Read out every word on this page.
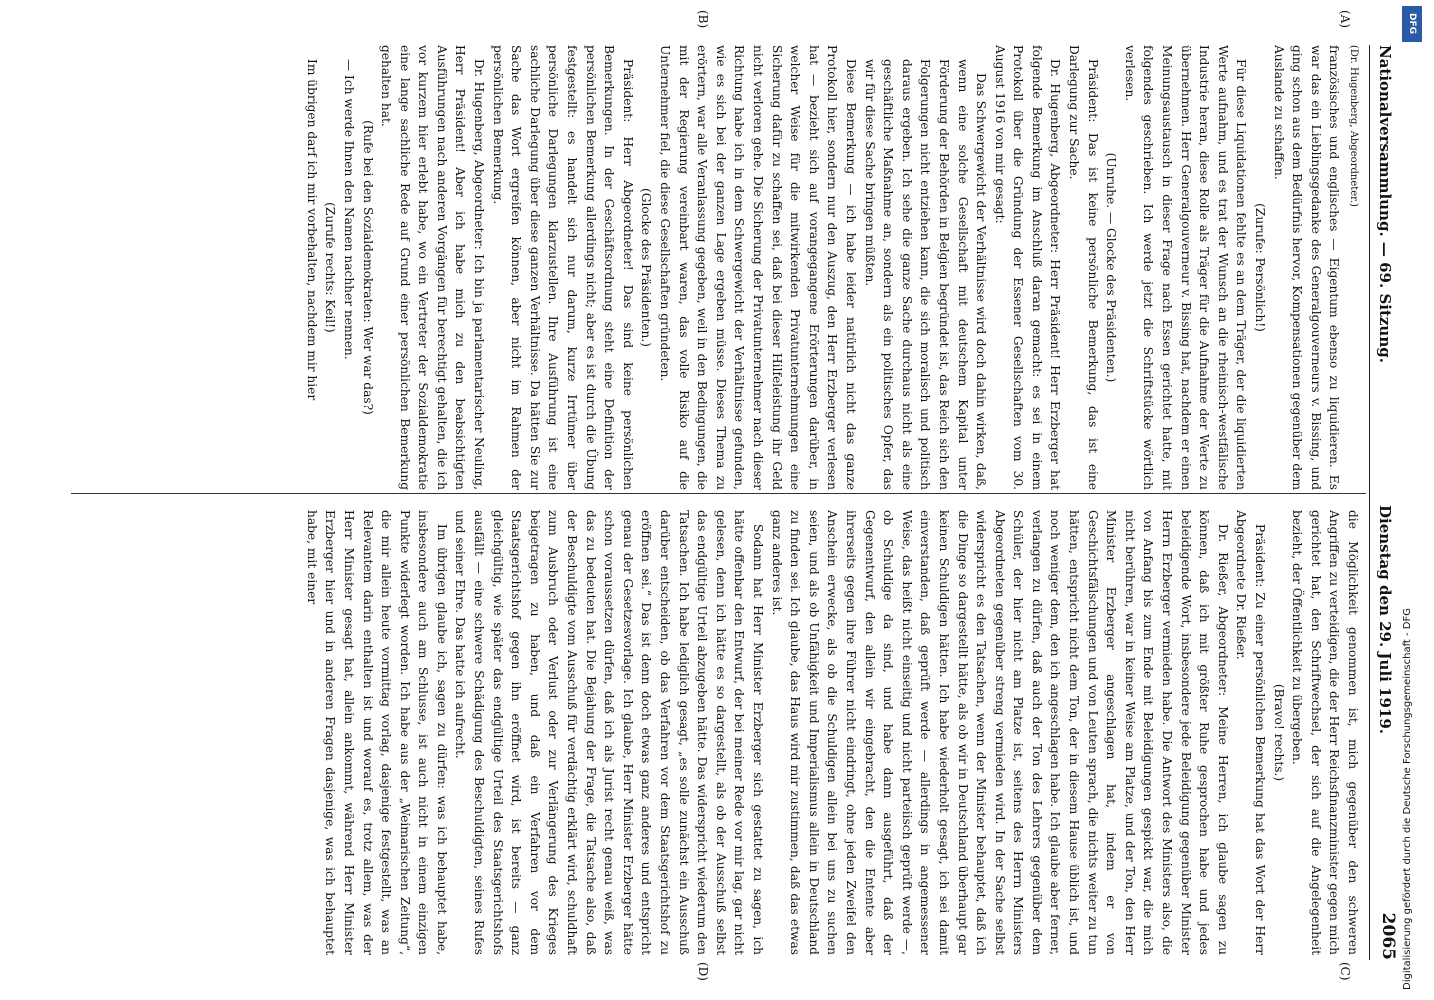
Nationalversammlung. — 69. Sitzung.
Dienstag den 29. Juli 1919.
2065
(A)
(B)
(C)
(D)

(Dr. Hugenberg, Abgeordneter.)

französisches und englisches — Eigentum ebenso zu liquidieren. Es war das ein Lieblingsgedanke des Generalgouverneurs v. Bissing, und ging schon aus dem Bedürfnis hervor, Kompensationen gegenüber dem Auslande zu schaffen.

(Zurufe: Persönlich!)

Für diese Liquidationen fehlte es an dem Träger, der die liquidierten Werte aufnahm, und es trat der Wunsch an die rheinisch-westfälische Industrie heran, diese Rolle als Träger für die Aufnahme der Werte zu übernehmen. Herr Generalgouverneur v. Bissing hat, nachdem er einen Meinungsaustausch in dieser Frage nach Essen gerichtet hatte, mit folgendes geschrieben. Ich werde jetzt die Schriftstücke wörtlich verlesen.

(Unruhe. — Glocke des Präsidenten.)

Präsident: Das ist keine persönliche Bemerkung, das ist eine Darlegung zur Sache.

Dr. Hugenberg, Abgeordneter: Herr Präsident! Herr Erzberger hat folgende Bemerkung im Anschluß daran gemacht: es sei in einem Protokoll über die Gründung der Essener Gesellschaften vom 30. August 1916 von mir gesagt:

Das Schwergewicht der Verhältnisse wird doch dahin wirken, daß, wenn eine solche Gesellschaft mit deutschem Kapital unter Förderung der Behörden in Belgien begründet ist, das Reich sich den Folgerungen nicht entziehen kann, die sich moralisch und politisch daraus ergeben. Ich sehe die ganze Sache durchaus nicht als eine geschäftliche Maßnahme an, sondern als ein politisches Opfer, das wir für diese Sache bringen müßten.

Diese Bemerkung — ich habe leider natürlich nicht das ganze Protokoll hier, sondern nur den Auszug, den Herr Erzberger verlesen hat — bezieht sich auf vorangegangene Erörterungen darüber, in welcher Weise für die mitwirkenden Privatunternehmungen eine Sicherung dafür zu schaffen sei, daß bei dieser Hilfeleistung ihr Geld nicht verloren gehe. Die Sicherung der Privatunternehmer nach dieser Richtung habe ich in dem Schwergewicht der Verhältnisse gefunden, wie es sich bei der ganzen Lage ergeben müsse. Dieses Thema zu erörtern, war alle Veranlassung gegeben, weil in den Bedingungen, die mit der Regierung vereinbart waren, das volle Risiko auf die Unternehmer fiel, die diese Gesellschaften gründeten.

(Glocke des Präsidenten.)

Präsident: Herr Abgeordneter! Das sind keine persönlichen Bemerkungen. In der Geschäftsordnung steht eine Definition der persönlichen Bemerkung allerdings nicht; aber es ist durch die Übung festgestellt: es handelt sich nur darum, kurze Irrtümer über persönliche Darlegungen klarzustellen. Ihre Ausführung ist eine sachliche Darlegung über diese ganzen Verhältnisse. Da hätten Sie zur Sache das Wort ergreifen können, aber nicht im Rahmen der persönlichen Bemerkung.

Dr. Hugenberg, Abgeordneter: Ich bin ja parlamentarischer Neuling, Herr Präsident! Aber ich habe mich zu den beabsichtigten Ausführungen nach anderen Vorgängen für berechtigt gehalten, die ich vor kurzem hier erlebt habe, wo ein Vertreter der Sozialdemokratie eine lange sachliche Rede auf Grund einer persönlichen Bemerkung gehalten hat.

(Rufe bei den Sozialdemokraten: Wer war das?)

— Ich werde Ihnen den Namen nachher nennen.

(Zurufe rechts: Keil!)

Im übrigen darf ich mir vorbehalten, nachdem mir hier

die Möglichkeit genommen ist, mich gegenüber den schweren Angriffen zu verteidigen, die der Herr Reichsfinanzminister gegen mich gerichtet hat, den Schriftwechsel, der sich auf die Angelegenheit bezieht, der Öffentlichkeit zu übergeben.

(Bravo! rechts.)

Präsident: Zu einer persönlichen Bemerkung hat das Wort der Herr Abgeordnete Dr. Rießer.

Dr. Rießer, Abgeordneter: Meine Herren, ich glaube sagen zu können, daß ich mit größter Ruhe gesprochen habe und jedes beleidigende Wort, insbesondere jede Beleidigung gegenüber Minister Herrn Erzberger vermieden habe. Die Antwort des Ministers also, die von Anfang bis zum Ende mit Beleidigungen gespickt war, die mich nicht berühren, war in keiner Weise am Platze, und der Ton, den Herr Minister Erzberger angeschlagen hat, indem er von Geschichtsfälschungen und von Leuten sprach, die nichts weiter zu tun hätten, entspricht nicht dem Ton, der in diesem Hause üblich ist, und noch weniger dem, den ich angeschlagen habe. Ich glaube aber ferner, verlangen zu dürfen, daß auch der Ton des Lehrers gegenüber dem Schüler, der hier nicht am Platze ist, seitens des Herrn Ministers Abgeordneten gegenüber streng vermieden wird. In der Sache selbst widerspricht es den Tatsachen, wenn der Minister behauptet, daß ich die Dinge so dargestellt hätte, als ob wir in Deutschland überhaupt gar keinen Schuldigen hätten. Ich habe wiederholt gesagt, ich sei damit einverstanden, daß geprüft werde — allerdings in angemessener Weise, das heißt nicht einseitig und nicht parteiisch geprüft werde —, ob Schuldige da sind, und habe dann ausgeführt, daß der Gegenentwurf, den allein wir eingebracht, den die Entente aber ihrerseits gegen ihre Führer nicht eindringt, ohne jeden Zweifel den Anschein erwecke, als ob die Schuldigen allein bei uns zu suchen seien, und als ob Unfähigkeit und Imperialismus allein in Deutschland zu finden sei. Ich glaube, das Haus wird mir zustimmen, daß das etwas ganz anderes ist.

Sodann hat Herr Minister Erzberger sich gestattet zu sagen, ich hätte offenbar den Entwurf, der bei meiner Rede vor mir lag, gar nicht gelesen, denn ich hätte es so dargestellt, als ob der Ausschuß selbst das endgültige Urteil abzugeben hätte. Das widerspricht wiederum den Tatsachen. Ich habe lediglich gesagt, „es solle zunächst ein Ausschuß darüber entscheiden, ob das Verfahren vor dem Staatsgerichtshof zu eröffnen sei.“ Das ist denn doch etwas ganz anderes und entspricht genau der Gesetzesvorlage. Ich glaube, Herr Minister Erzberger hätte schon voraussetzen dürfen, daß ich als Jurist recht genau weiß, was das zu bedeuten hat. Die Bejahung der Frage, die Tatsache also, daß der Beschuldigte vom Ausschuß für verdächtig erklärt wird, schuldhaft zum Ausbruch oder Verlust oder zur Verlängerung des Krieges beigetragen zu haben, und daß ein Verfahren vor dem Staatsgerichtshof gegen ihn eröffnet wird, ist bereits — ganz gleichgültig, wie später das endgültige Urteil des Staatsgerichtshofs ausfällt — eine schwere Schädigung des Beschuldigten, seines Rufes und seiner Ehre. Das hatte ich aufrecht.

Im übrigen glaube ich, sagen zu dürfen: was ich behauptet habe, insbesondere auch am Schlusse, ist auch nicht in einem einzigen Punkte widerlegt worden. Ich habe aus der „Weimarischen Zeitung“, die mir allein heute vormittag vorlag, dasjenige festgestellt, was an Relevantem darin enthalten ist und worauf es, trotz allem, was der Herr Minister gesagt hat, allein ankommt, während Herr Minister Erzberger hier und in anderen Fragen dasjenige, was ich behauptet habe, mit einer

DFG
Digitalisierung gefördert durch die Deutsche Forschungsgemeinschaft - DFG
